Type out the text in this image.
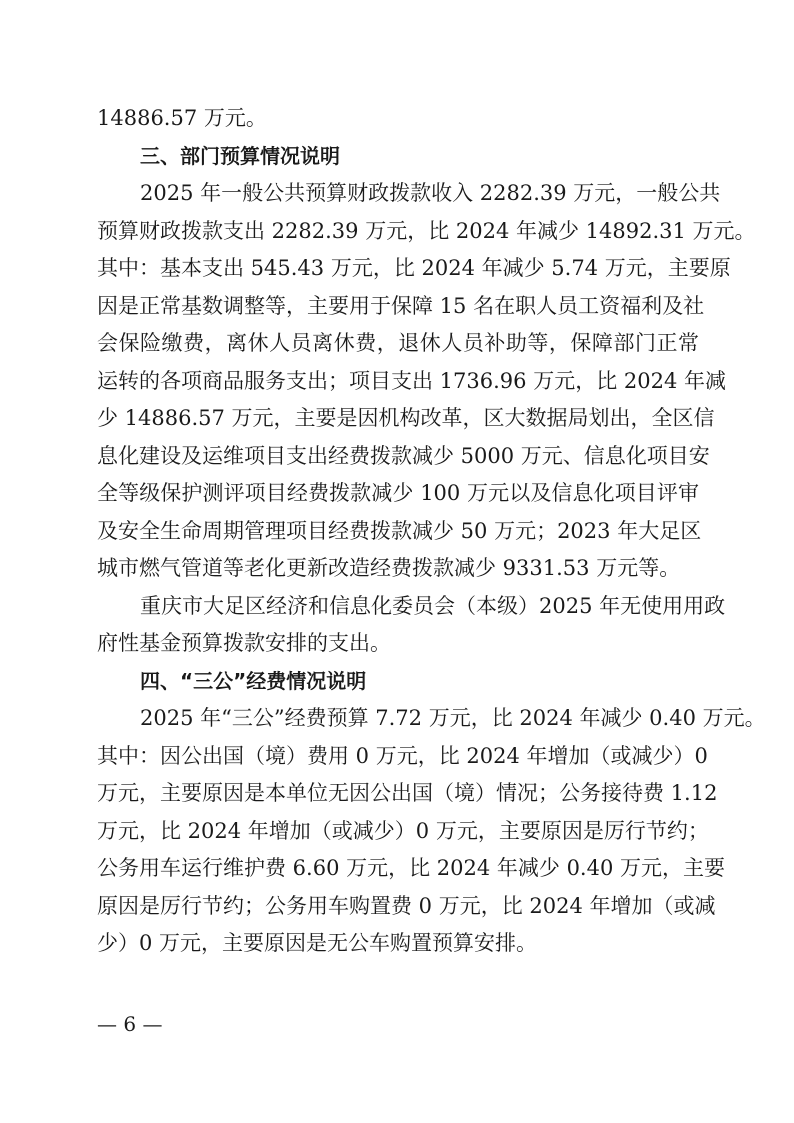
14886.57 万元。
三、部门预算情况说明
2025 年一般公共预算财政拨款收入 2282.39 万元，一般公共
预算财政拨款支出 2282.39 万元，比 2024 年减少 14892.31 万元。
其中：基本支出 545.43 万元，比 2024 年减少 5.74 万元，主要原
因是正常基数调整等，主要用于保障 15 名在职人员工资福利及社
会保险缴费，离休人员离休费，退休人员补助等，保障部门正常
运转的各项商品服务支出；项目支出 1736.96 万元，比 2024 年减
少 14886.57 万元，主要是因机构改革，区大数据局划出，全区信
息化建设及运维项目支出经费拨款减少 5000 万元、信息化项目安
全等级保护测评项目经费拨款减少 100 万元以及信息化项目评审
及安全生命周期管理项目经费拨款减少 50 万元；2023 年大足区
城市燃气管道等老化更新改造经费拨款减少 9331.53 万元等。
重庆市大足区经济和信息化委员会（本级）2025 年无使用用政
府性基金预算拨款安排的支出。
四、“三公”经费情况说明
2025 年“三公”经费预算 7.72 万元，比 2024 年减少 0.40 万元。
其中：因公出国（境）费用 0 万元，比 2024 年增加（或减少）0
万元，主要原因是本单位无因公出国（境）情况；公务接待费 1.12
万元，比 2024 年增加（或减少）0 万元，主要原因是厉行节约；
公务用车运行维护费 6.60 万元，比 2024 年减少 0.40 万元，主要
原因是厉行节约；公务用车购置费 0 万元，比 2024 年增加（或减
少）0 万元，主要原因是无公车购置预算安排。
— 6 —
